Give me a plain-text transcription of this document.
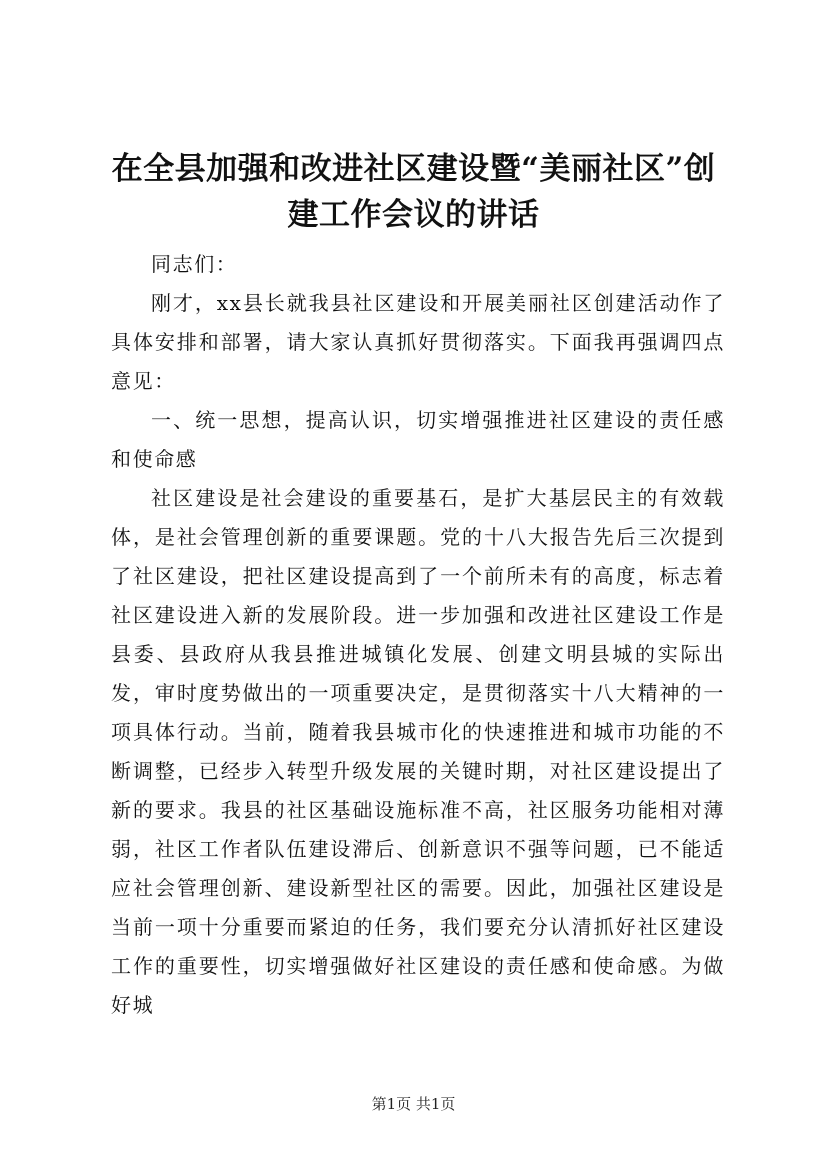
在全县加强和改进社区建设暨“美丽社区”创建工作会议的讲话

同志们：

刚才，xx县长就我县社区建设和开展美丽社区创建活动作了具体安排和部署，请大家认真抓好贯彻落实。下面我再强调四点意见：

一、统一思想，提高认识，切实增强推进社区建设的责任感和使命感

社区建设是社会建设的重要基石，是扩大基层民主的有效载体，是社会管理创新的重要课题。党的十八大报告先后三次提到了社区建设，把社区建设提高到了一个前所未有的高度，标志着社区建设进入新的发展阶段。进一步加强和改进社区建设工作是县委、县政府从我县推进城镇化发展、创建文明县城的实际出发，审时度势做出的一项重要决定，是贯彻落实十八大精神的一项具体行动。当前，随着我县城市化的快速推进和城市功能的不断调整，已经步入转型升级发展的关键时期，对社区建设提出了新的要求。我县的社区基础设施标准不高，社区服务功能相对薄弱，社区工作者队伍建设滞后、创新意识不强等问题，已不能适应社会管理创新、建设新型社区的需要。因此，加强社区建设是当前一项十分重要而紧迫的任务，我们要充分认清抓好社区建设工作的重要性，切实增强做好社区建设的责任感和使命感。为做好城

第1页 共1页
